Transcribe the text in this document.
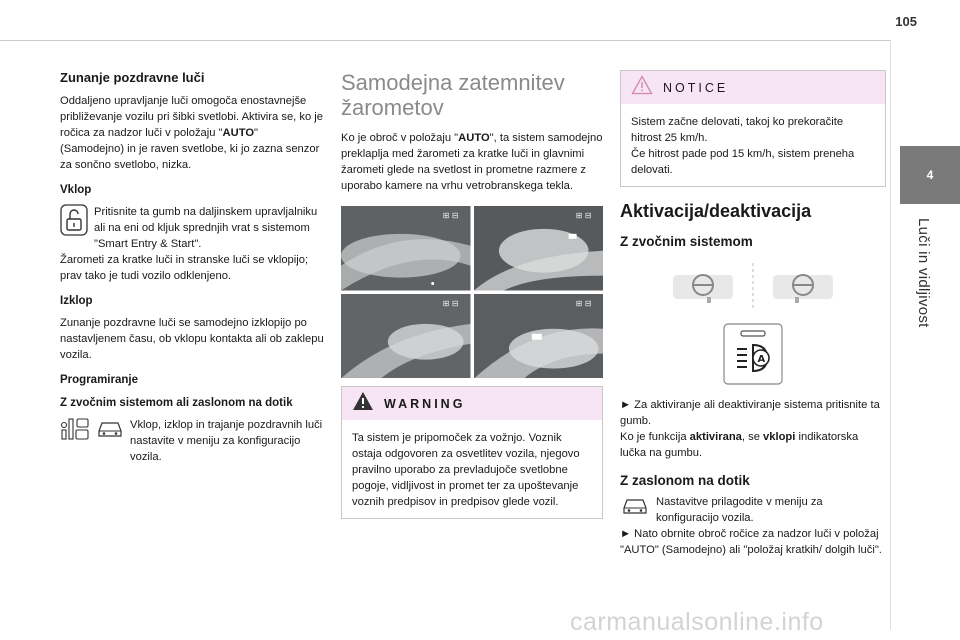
105
4
Luči in vidljivost
Zunanje pozdravne luči

Oddaljeno upravljanje luči omogoča enostavnejše približevanje vozilu pri šibki svetlobi. Aktivira se, ko je ročica za nadzor luči v položaju "AUTO" (Samodejno) in je raven svetlobe, ki jo zazna senzor za sončno svetlobo, nizka.

Vklop

Pritisnite ta gumb na daljinskem upravljalniku ali na eni od kljuk sprednjih vrat s sistemom "Smart Entry & Start".

Žarometi za kratke luči in stranske luči se vklopijo; prav tako je tudi vozilo odklenjeno.

Izklop

Zunanje pozdravne luči se samodejno izklopijo po nastavljenem času, ob vklopu kontakta ali ob zaklepu vozila.

Programiranje
Z zvočnim sistemom ali zaslonom na dotik

Vklop, izklop in trajanje pozdravnih luči nastavite v meniju za konfiguracijo vozila.

Samodejna zatemnitev žarometov

Ko je obroč v položaju "AUTO", ta sistem samodejno preklaplja med žarometi za kratke luči in glavnimi žarometi glede na svetlost in prometne razmere z uporabo kamere na vrhu vetrobranskega tekla.

⊞ ⊟	⊞ ⊟
⊞ ⊟	⊞ ⊟
WARNING

Ta sistem je pripomoček za vožnjo. Voznik ostaja odgovoren za osvetlitev vozila, njegovo pravilno uporabo za prevladujoče svetlobne pogoje, vidljivost in promet ter za upoštevanje voznih predpisov in predpisov glede vozil.

NOTICE

Sistem začne delovati, takoj ko prekoračite hitrost 25 km/h.

Če hitrost pade pod 15 km/h, sistem preneha delovati.

Aktivacija/deaktivacija
Z zvočnim sistemom
A

► Za aktiviranje ali deaktiviranje sistema pritisnite ta gumb.

Ko je funkcija aktivirana, se vklopi indikatorska lučka na gumbu.

Z zaslonom na dotik

Nastavitve prilagodite v meniju za konfiguracijo vozila.

► Nato obrnite obroč ročice za nadzor luči v položaj "AUTO" (Samodejno) ali "položaj kratkih/ dolgih luči".

carmanualsonline.info
